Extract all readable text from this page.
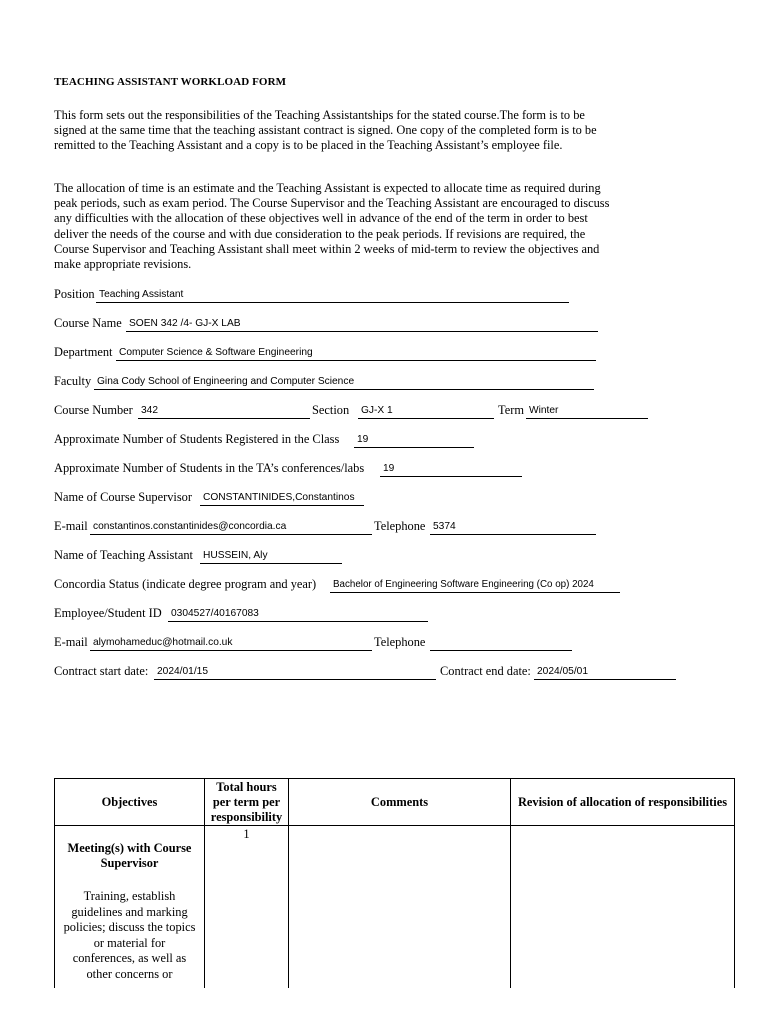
TEACHING ASSISTANT WORKLOAD FORM

This form sets out the responsibilities of the Teaching Assistantships for the stated course.The form is to be signed at the same time that the teaching assistant contract is signed. One copy of the completed form is to be remitted to the Teaching Assistant and a copy is to be placed in the Teaching Assistant’s employee file.

The allocation of time is an estimate and the Teaching Assistant is expected to allocate time as required during peak periods, such as exam period. The Course Supervisor and the Teaching Assistant are encouraged to discuss any difficulties with the allocation of these objectives well in advance of the end of the term in order to best deliver the needs of the course and with due consideration to the peak periods. If revisions are required, the Course Supervisor and Teaching Assistant shall meet within 2 weeks of mid-term to review the objectives and make appropriate revisions.

Position Teaching Assistant
Course Name SOEN 342 /4- GJ-X LAB
Department Computer Science & Software Engineering
Faculty Gina Cody School of Engineering and Computer Science
Course Number 342	Section GJ-X 1	Term Winter
Approximate Number of Students Registered in the Class 19
Approximate Number of Students in the TA’s conferences/labs 19
Name of Course Supervisor CONSTANTINIDES,Constantinos
E-mail constantinos.constantinides@concordia.ca	Telephone 5374
Name of Teaching Assistant HUSSEIN, Aly
Concordia Status (indicate degree program and year)	Bachelor of Engineering Software Engineering (Co op) 2024
Employee/Student ID 0304527/40167083
E-mail alymohameduc@hotmail.co.uk	Telephone
Contract start date: 2024/01/15	Contract end date: 2024/05/01
Objectives	Total hours per term per responsibility	Comments	Revision of allocation of responsibilities

Meeting(s) with Course Supervisor
Training, establish guidelines and marking policies; discuss the topics or material for conferences, as well as other concerns or	1		
